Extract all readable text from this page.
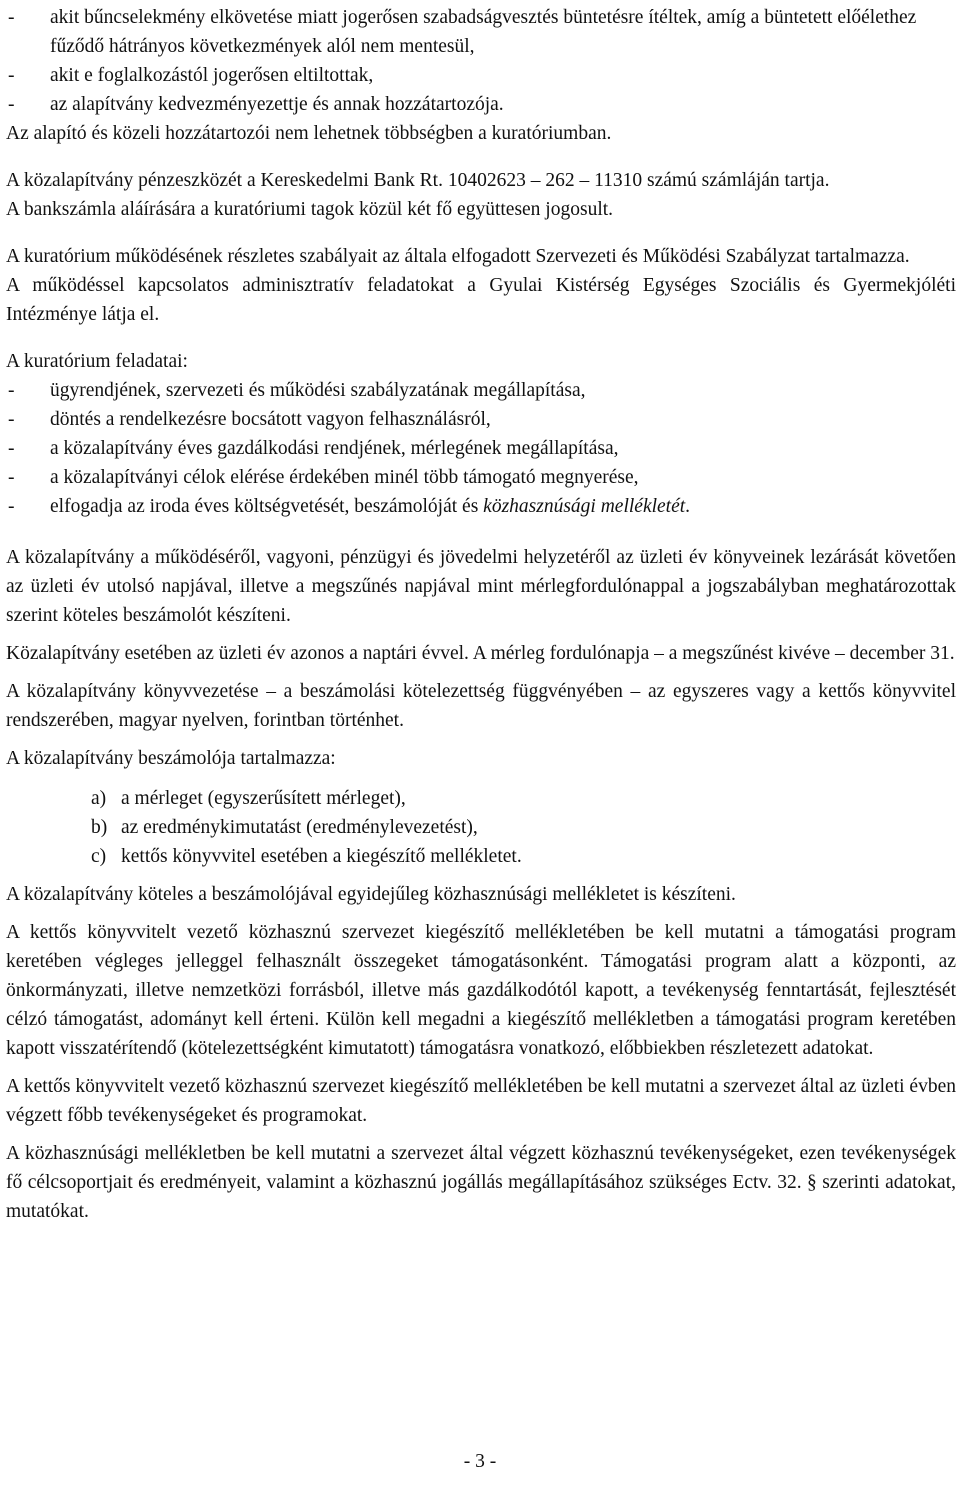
-	akit bűncselekmény elkövetése miatt jogerősen szabadságvesztés büntetésre ítéltek, amíg a büntetett előélethez fűződő hátrányos következmények alól nem mentesül,
-	akit e foglalkozástól jogerősen eltiltottak,
-	az alapítvány kedvezményezettje és annak hozzátartozója.

Az alapító és közeli hozzátartozói nem lehetnek többségben a kuratóriumban.

A közalapítvány pénzeszközét a Kereskedelmi Bank Rt. 10402623 – 262 – 11310 számú számláján tartja.

A bankszámla aláírására a kuratóriumi tagok közül két fő együttesen jogosult.

A kuratórium működésének részletes szabályait az általa elfogadott Szervezeti és Működési Szabályzat tartalmazza.

A működéssel kapcsolatos adminisztratív feladatokat a Gyulai Kistérség Egységes Szociális és Gyermekjóléti Intézménye látja el.

A kuratórium feladatai:

-	ügyrendjének, szervezeti és működési szabályzatának megállapítása,
-	döntés a rendelkezésre bocsátott vagyon felhasználásról,
-	a közalapítvány éves gazdálkodási rendjének, mérlegének megállapítása,
-	a közalapítványi célok elérése érdekében minél több támogató megnyerése,
-	elfogadja az iroda éves költségvetését, beszámolóját és közhasznúsági mellékletét.

A közalapítvány a működéséről, vagyoni, pénzügyi és jövedelmi helyzetéről az üzleti év könyveinek lezárását követően az üzleti év utolsó napjával, illetve a megszűnés napjával mint mérlegfordulónappal a jogszabályban meghatározottak szerint köteles beszámolót készíteni.

Közalapítvány esetében az üzleti év azonos a naptári évvel. A mérleg fordulónapja – a megszűnést kivéve – december 31.

A közalapítvány könyvvezetése – a beszámolási kötelezettség függvényében – az egyszeres vagy a kettős könyvvitel rendszerében, magyar nyelven, forintban történhet.

A közalapítvány beszámolója tartalmazza:

a) a mérleget (egyszerűsített mérleget),
b) az eredménykimutatást (eredménylevezetést),
c) kettős könyvvitel esetében a kiegészítő mellékletet.

A közalapítvány köteles a beszámolójával egyidejűleg közhasznúsági mellékletet is készíteni.

A kettős könyvvitelt vezető közhasznú szervezet kiegészítő mellékletében be kell mutatni a támogatási program keretében végleges jelleggel felhasznált összegeket támogatásonként. Támogatási program alatt a központi, az önkormányzati, illetve nemzetközi forrásból, illetve más gazdálkodótól kapott, a tevékenység fenntartását, fejlesztését célzó támogatást, adományt kell érteni. Külön kell megadni a kiegészítő mellékletben a támogatási program keretében kapott visszatérítendő (kötelezettségként kimutatott) támogatásra vonatkozó, előbbiekben részletezett adatokat.

A kettős könyvvitelt vezető közhasznú szervezet kiegészítő mellékletében be kell mutatni a szervezet által az üzleti évben végzett főbb tevékenységeket és programokat.

A közhasznúsági mellékletben be kell mutatni a szervezet által végzett közhasznú tevékenységeket, ezen tevékenységek fő célcsoportjait és eredményeit, valamint a közhasznú jogállás megállapításához szükséges Ectv. 32. § szerinti adatokat, mutatókat.

- 3 -
